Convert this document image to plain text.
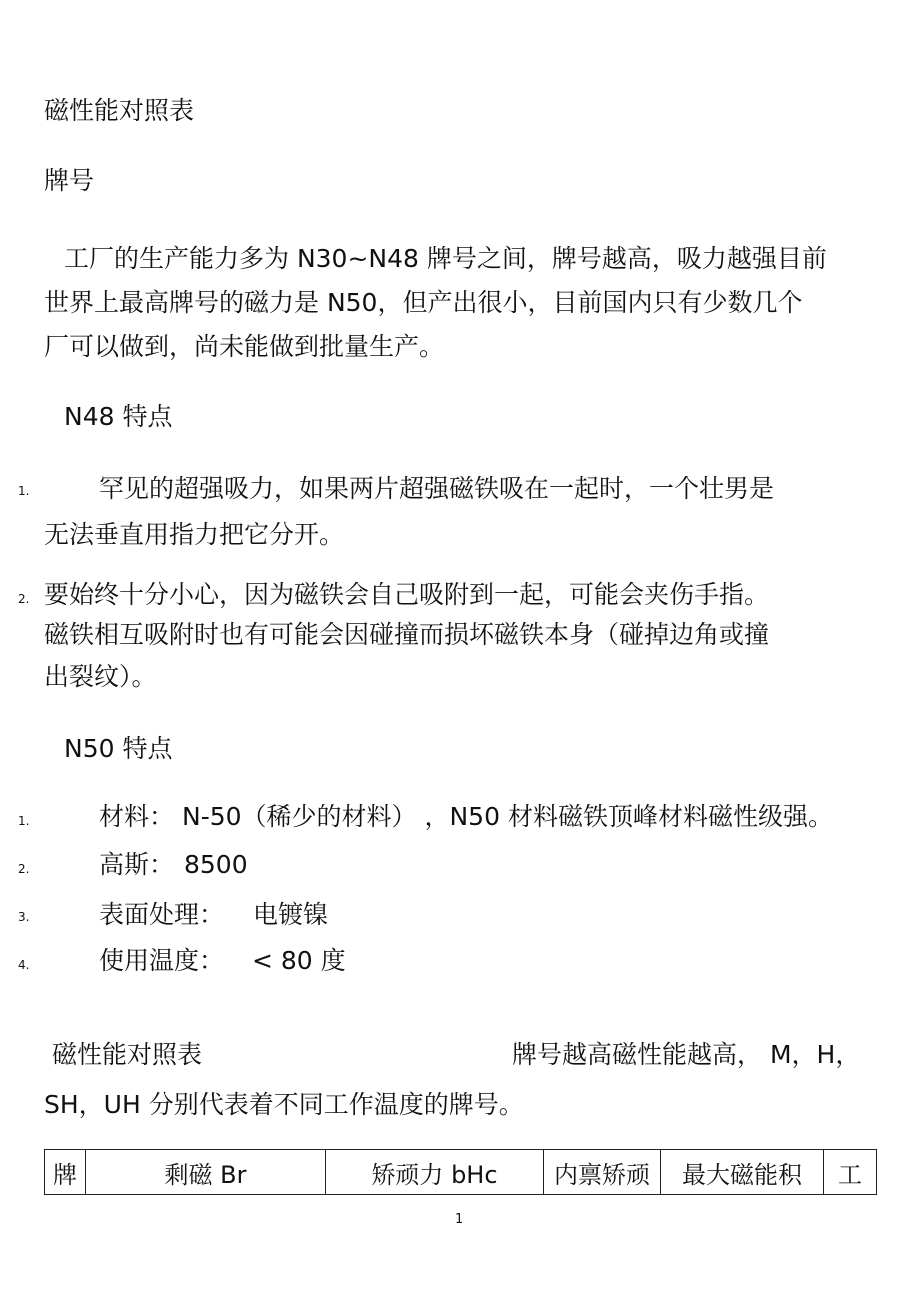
磁性能对照表
牌号
工厂的生产能力多为 N30~N48 牌号之间，牌号越高，吸力越强目前
世界上最高牌号的磁力是 N50，但产出很小，目前国内只有少数几个
厂可以做到，尚未能做到批量生产。
N48 特点
1.	罕见的超强吸力，如果两片超强磁铁吸在一起时，一个壮男是
无法垂直用指力把它分开。
2. 要始终十分小心，因为磁铁会自己吸附到一起，可能会夹伤手指。
磁铁相互吸附时也有可能会因碰撞而损坏磁铁本身（碰掉边角或撞
出裂纹）。
N50 特点
1.	材料： N-50（稀少的材料） ，N50 材料磁铁顶峰材料磁性级强。
2.	高斯： 8500
3.	表面处理： 电镀镍
4.	使用温度： < 80 度
磁性能对照表	牌号越高磁性能越高， M，H，
SH，UH 分别代表着不同工作温度的牌号。
牌	剩磁 Br	矫顽力 bHc	内禀矫顽	最大磁能积	工
1
